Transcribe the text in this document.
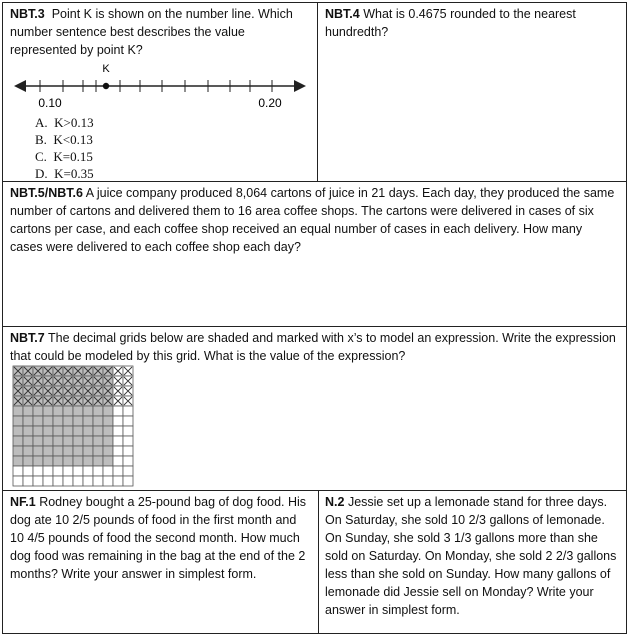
NBT.3 Point K is shown on the number line. Which number sentence best describes the value represented by point K?
K
0.10	0.20
A.  K>0.13
B.  K<0.13
C.  K=0.15
D.  K=0.35
NBT.4 What is 0.4675 rounded to the nearest hundredth?
NBT.5/NBT.6 A juice company produced 8,064 cartons of juice in 21 days. Each day, they produced the same number of cartons and delivered them to 16 area coffee shops. The cartons were delivered in cases of six cartons per case, and each coffee shop received an equal number of cases in each delivery. How many cases were delivered to each coffee shop each day?
NBT.7 The decimal grids below are shaded and marked with x’s to model an expression. Write the expression that could be modeled by this grid. What is the value of the expression?
NF.1 Rodney bought a 25-pound bag of dog food. His dog ate 10 2/5 pounds of food in the first month and 10 4/5 pounds of food the second month. How much dog food was remaining in the bag at the end of the 2 months? Write your answer in simplest form.
N.2 Jessie set up a lemonade stand for three days. On Saturday, she sold 10 2/3 gallons of lemonade. On Sunday, she sold 3 1/3 gallons more than she sold on Saturday. On Monday, she sold 2 2/3 gallons less than she sold on Sunday. How many gallons of lemonade did Jessie sell on Monday? Write your answer in simplest form.
